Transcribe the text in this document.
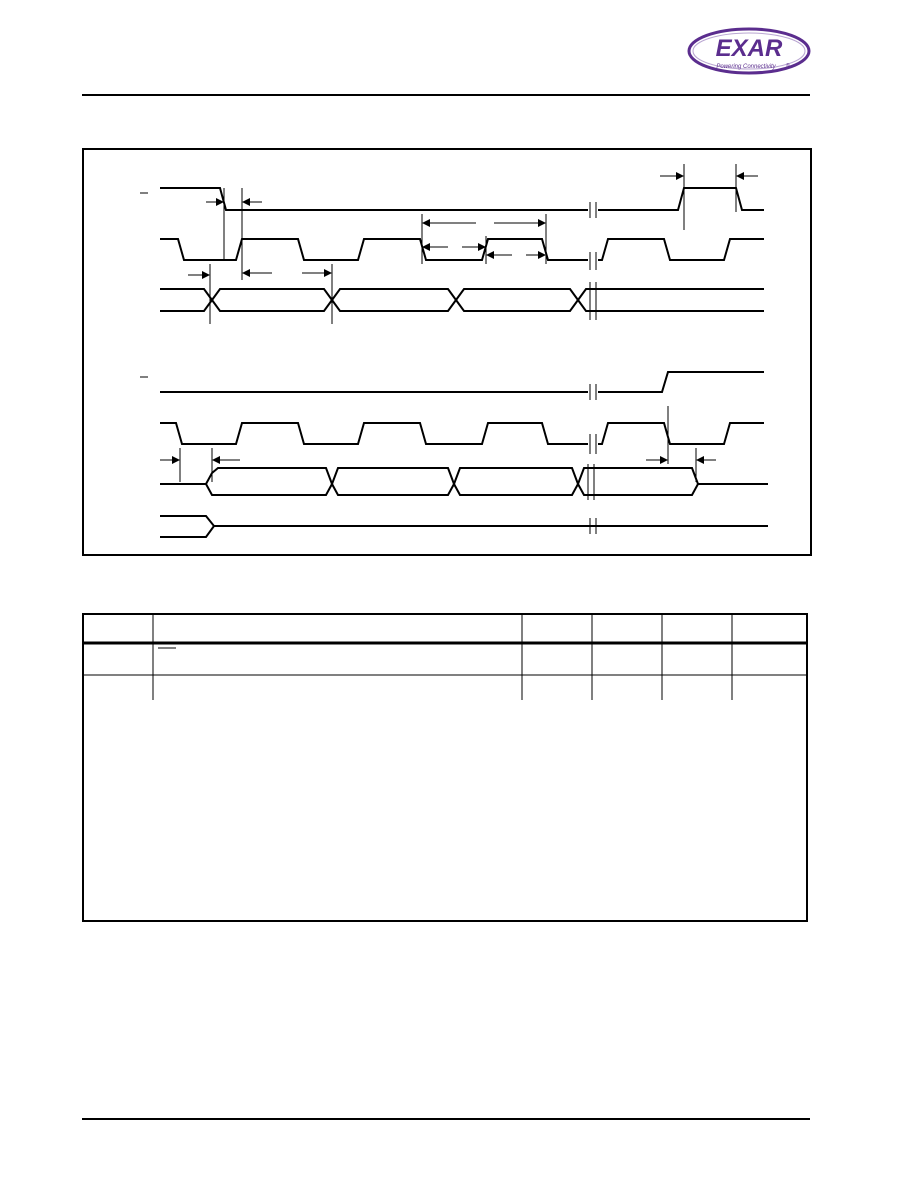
EXAR
Powering Connectivity ®
